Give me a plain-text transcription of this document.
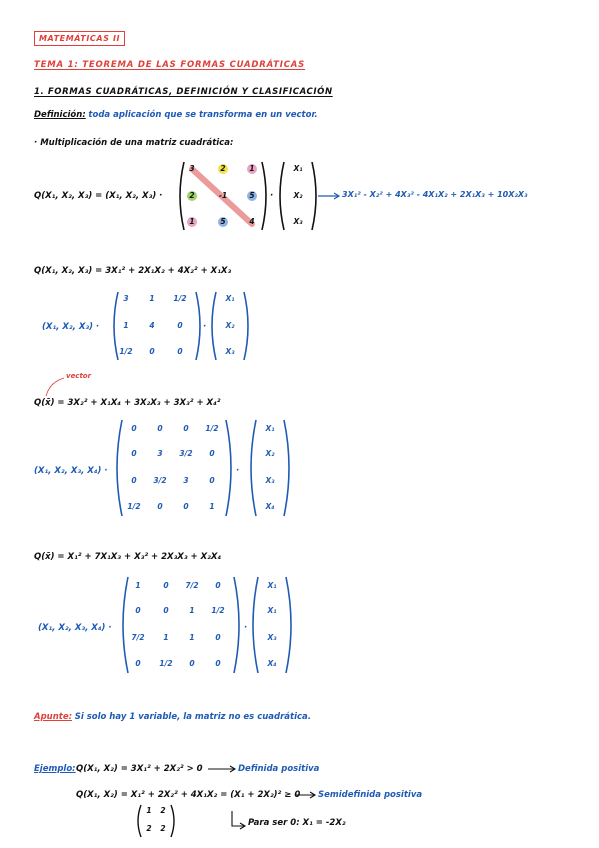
MATEMÁTICAS II
TEMA 1: TEOREMA DE LAS FORMAS CUADRÁTICAS
1. FORMAS CUADRÁTICAS, DEFINICIÓN Y CLASIFICACIÓN
Definición: toda aplicación que se transforma en un vector.
· Multiplicación de una matriz cuadrática:
Q(X₁, X₂, X₃) = (X₁, X₂, X₃) ·
3	2	1
2	-1	5
1	5	4
·
X₁
X₂
X₃
3X₁² - X₂² + 4X₃² - 4X₁X₂ + 2X₁X₃ + 10X₂X₃
Q(X₁, X₂, X₃) = 3X₁² + 2X₁X₂ + 4X₂² + X₁X₃
(X₁, X₂, X₃) ·
3	1	1/2
1	4	0
1/2	0	0
·
X₁
X₂
X₃
vector
Q(x̄) = 3X₂² + X₁X₄ + 3X₂X₃ + 3X₃² + X₄²
(X₁, X₂, X₃, X₄) ·
0	0	0	1/2
0	3	3/2	0
0	3/2	3	0
1/2	0	0	1
·
X₁
X₂
X₃
X₄
Q(x̄) = X₁² + 7X₁X₃ + X₃² + 2X₃X₃ + X₂X₄
(X₁, X₂, X₃, X₄) ·
1	0	7/2	0
0	0	1	1/2
7/2	1	1	0
0	1/2	0	0
·
X₁
X₁
X₃
X₄
Apunte: Si solo hay 1 variable, la matriz no es cuadrática.
Ejemplo: Q(X₁, X₂) = 3X₁² + 2X₂² > 0	Definida positiva
Q(X₁, X₂) = X₁² + 2X₂² + 4X₁X₂ = (X₁ + 2X₂)² ≥ 0 Semidefinida positiva
1	2
2	2
Para ser 0: X₁ = -2X₂
